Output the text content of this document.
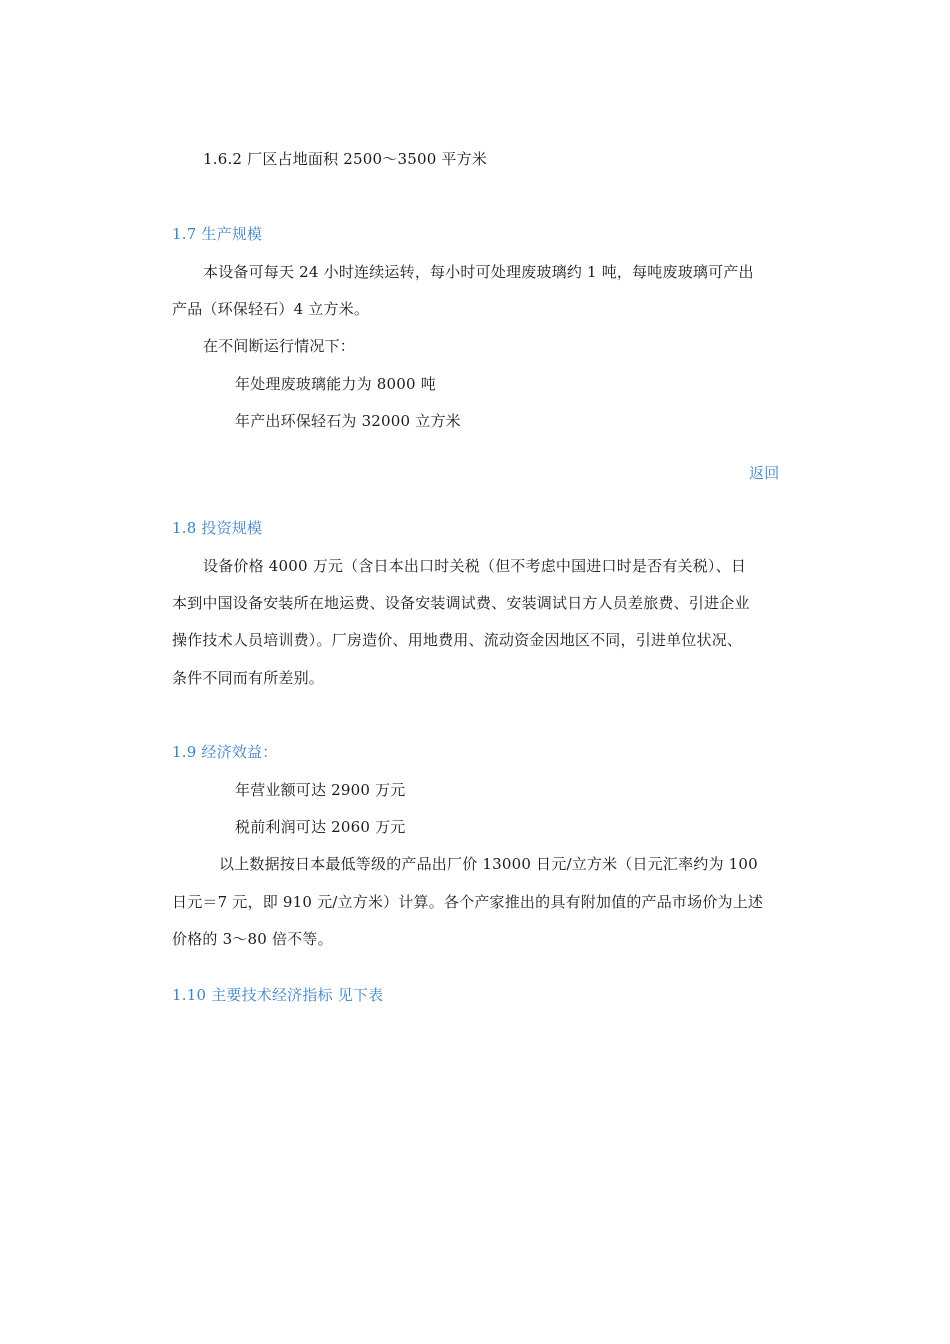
1.6.2 厂区占地面积 2500～3500 平方米
1.7 生产规模
本设备可每天 24 小时连续运转，每小时可处理废玻璃约 1 吨，每吨废玻璃可产出
产品（环保轻石）4 立方米。
在不间断运行情况下：
年处理废玻璃能力为 8000 吨
年产出环保轻石为 32000 立方米
返回
1.8 投资规模
设备价格 4000 万元（含日本出口时关税（但不考虑中国进口时是否有关税）、日
本到中国设备安装所在地运费、设备安装调试费、安装调试日方人员差旅费、引进企业
操作技术人员培训费）。厂房造价、用地费用、流动资金因地区不同，引进单位状况、
条件不同而有所差别。
1.9 经济效益：
年营业额可达 2900 万元
税前利润可达 2060 万元
以上数据按日本最低等级的产品出厂价 13000 日元/立方米（日元汇率约为 100
日元＝7 元，即 910 元/立方米）计算。各个产家推出的具有附加值的产品市场价为上述
价格的 3～80 倍不等。
1.10 主要技术经济指标 见下表
